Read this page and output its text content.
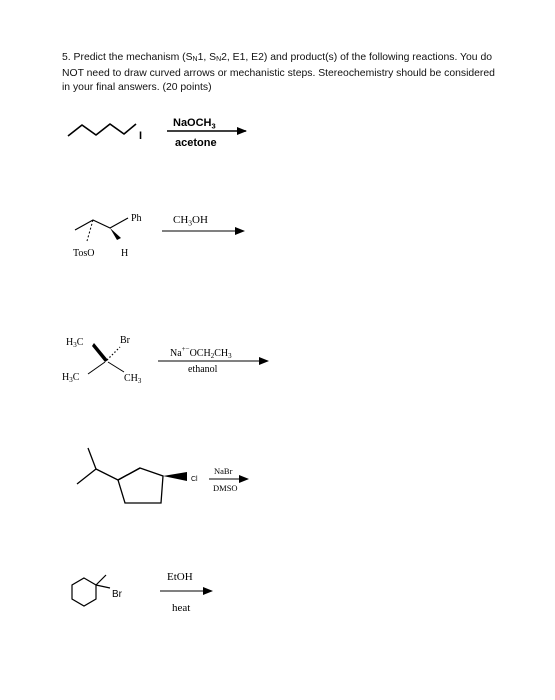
5. Predict the mechanism ($S_N1$, $S_N2$, E1, E2) and product(s) of the following reactions. You do
NOT need to draw curved arrows or mechanistic steps. Stereochemistry should be considered
in your final answers. (20 points)
I
NaOCH$_3$
acetone
Ph
TosO	H
$CH_3OH$
$H_3C$	Br
$H_3C$	$CH_3$
$Na^+-OCH_2CH_3$
ethanol
Cl
NaBr
DMSO
Br
EtOH
heat
